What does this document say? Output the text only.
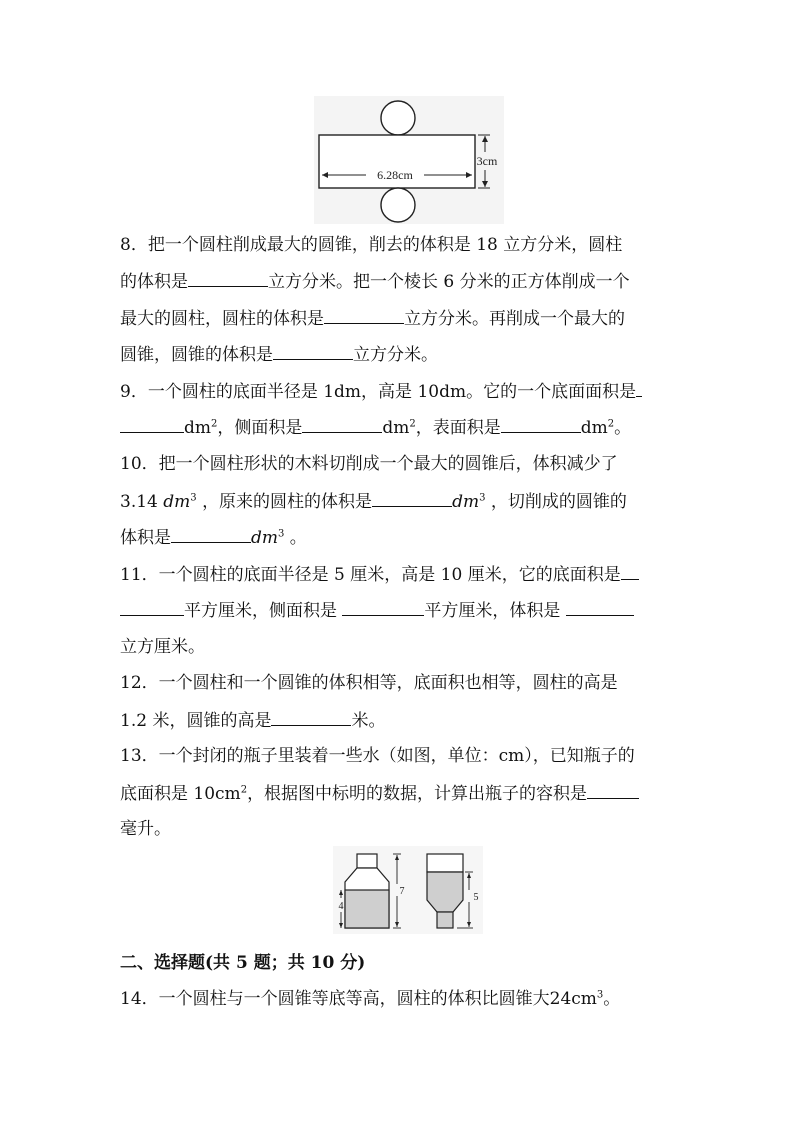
6.28cm
3cm
8．把一个圆柱削成最大的圆锥，削去的体积是 18 立方分米，圆柱
的体积是	立方分米。把一个棱长 6 分米的正方体削成一个
最大的圆柱，圆柱的体积是	立方分米。再削成一个最大的
圆锥，圆锥的体积是	立方分米。
9．一个圆柱的底面半径是 1dm，高是 10dm。它的一个底面面积是
$dm^2$，侧面积是	$dm^2$，表面积是	$dm^2$。
10．把一个圆柱形状的木料切削成一个最大的圆锥后，体积减少了
3.14 $dm^3$ ，原来的圆柱的体积是	$dm^3$ ，切削成的圆锥的
体积是	$dm^3$ 。
11．一个圆柱的底面半径是 5 厘米，高是 10 厘米，它的底面积是
平方厘米，侧面积是	平方厘米，体积是
立方厘米。
12．一个圆柱和一个圆锥的体积相等，底面积也相等，圆柱的高是
1.2 米，圆锥的高是	米。
13．一个封闭的瓶子里装着一些水（如图，单位：cm），已知瓶子的
底面积是 $10cm^2$，根据图中标明的数据，计算出瓶子的容积是
毫升。
4
7
5
二、选择题(共 5 题；共 10 分)
14．一个圆柱与一个圆锥等底等高，圆柱的体积比圆锥大$24cm^3$。
